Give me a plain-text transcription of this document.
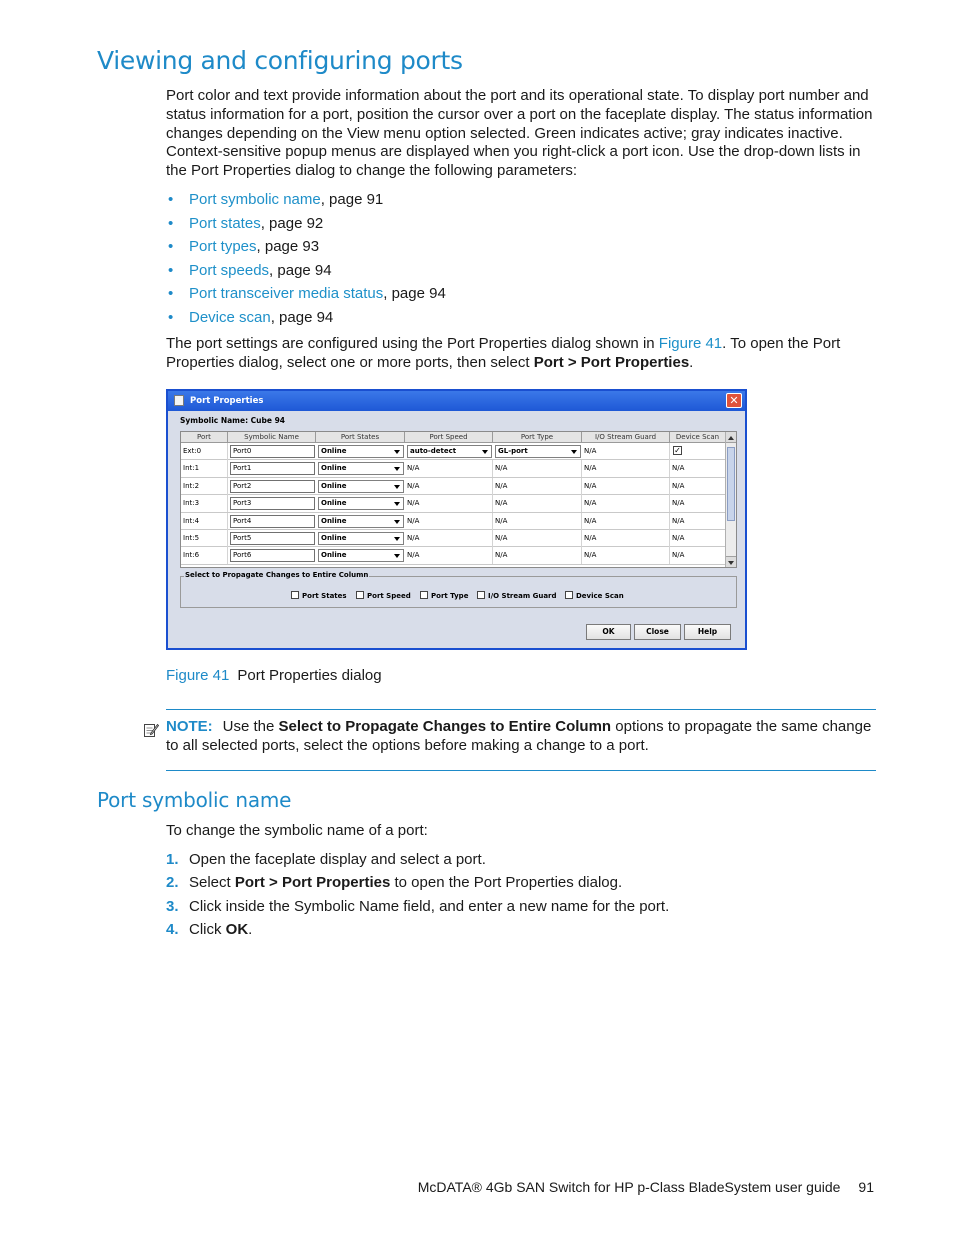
Viewing and configuring ports

Port color and text provide information about the port and its operational state. To display port number and status information for a port, position the cursor over a port on the faceplate display. The status information changes depending on the View menu option selected. Green indicates active; gray indicates inactive. Context-sensitive popup menus are displayed when you right-click a port icon. Use the drop-down lists in the Port Properties dialog to change the following parameters:

• Port symbolic name, page 91
• Port states, page 92
• Port types, page 93
• Port speeds, page 94
• Port transceiver media status, page 94
• Device scan, page 94

The port settings are configured using the Port Properties dialog shown in Figure 41. To open the Port Properties dialog, select one or more ports, then select Port > Port Properties.

Port Properties	✕
Symbolic Name: Cube 94
Port	Symbolic Name	Port States	Port Speed	Port Type	I/O Stream Guard	Device Scan
Ext:0	Port0	Online	auto-detect	GL-port	N/A	✓
Int:1	Port1	Online	N/A	N/A	N/A	N/A
Int:2	Port2	Online	N/A	N/A	N/A	N/A
Int:3	Port3	Online	N/A	N/A	N/A	N/A
Int:4	Port4	Online	N/A	N/A	N/A	N/A
Int:5	Port5	Online	N/A	N/A	N/A	N/A
Int:6	Port6	Online	N/A	N/A	N/A	N/A
Select to Propagate Changes to Entire Column
Port States	Port Speed	Port Type	I/O Stream Guard	Device Scan
OK	Close	Help
Figure 41 Port Properties dialog

NOTE: Use the Select to Propagate Changes to Entire Column options to propagate the same change to all selected ports, select the options before making a change to a port.

Port symbolic name

To change the symbolic name of a port:

1. Open the faceplate display and select a port.
2. Select Port > Port Properties to open the Port Properties dialog.
3. Click inside the Symbolic Name field, and enter a new name for the port.
4. Click OK.
McDATA® 4Gb SAN Switch for HP p-Class BladeSystem user guide 91
